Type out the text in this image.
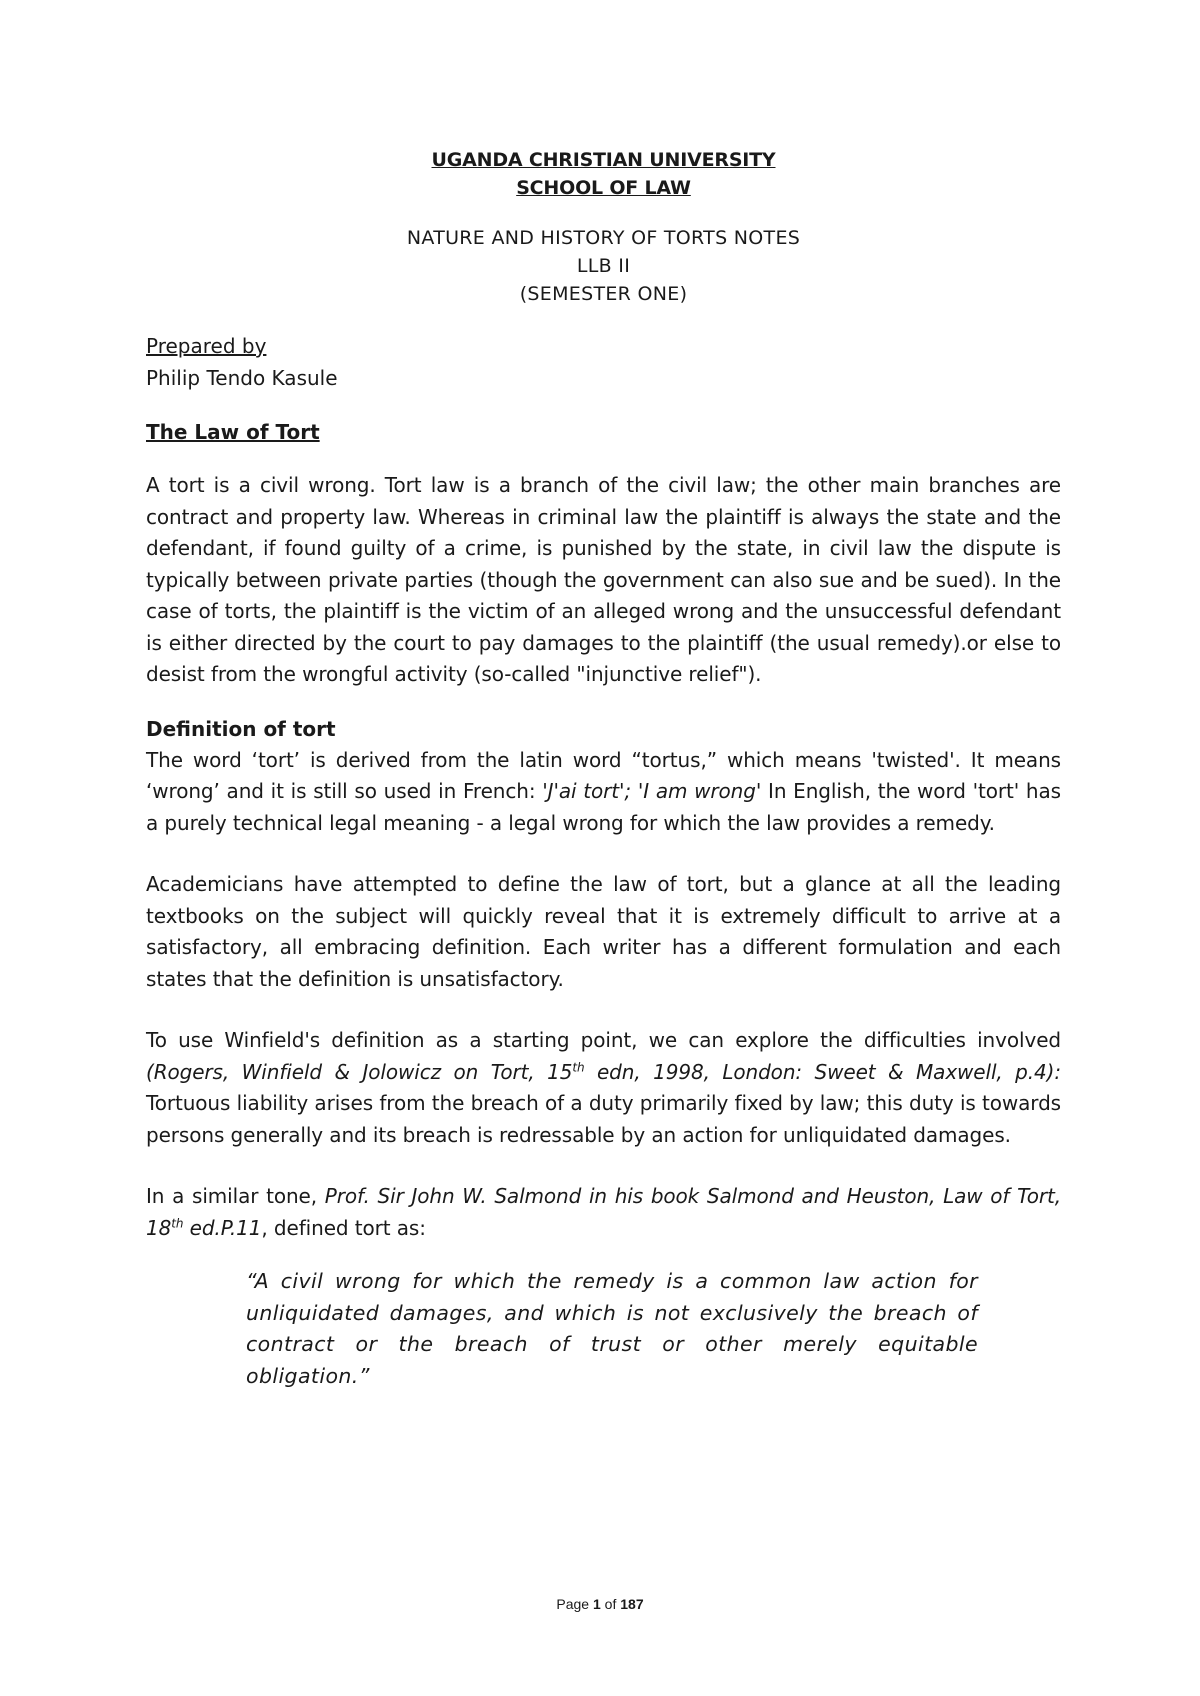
UGANDA CHRISTIAN UNIVERSITY
SCHOOL OF LAW
NATURE AND HISTORY OF TORTS NOTES
LLB II
(SEMESTER ONE)
Prepared by
Philip Tendo Kasule
The Law of Tort

A tort is a civil wrong. Tort law is a branch of the civil law; the other main branches are contract and property law. Whereas in criminal law the plaintiff is always the state and the defendant, if found guilty of a crime, is punished by the state, in civil law the dispute is typically between private parties (though the government can also sue and be sued). In the case of torts, the plaintiff is the victim of an alleged wrong and the unsuccessful defendant is either directed by the court to pay damages to the plaintiff (the usual remedy).or else to desist from the wrongful activity (so-called "injunctive relief").

Definition of tort

The word ‘tort’ is derived from the latin word “tortus,” which means 'twisted'. It means ‘wrong’ and it is still so used in French: 'J'ai tort'; 'I am wrong' In English, the word 'tort' has a purely technical legal meaning - a legal wrong for which the law provides a remedy.

Academicians have attempted to define the law of tort, but a glance at all the leading textbooks on the subject will quickly reveal that it is extremely difficult to arrive at a satisfactory, all embracing definition. Each writer has a different formulation and each states that the definition is unsatisfactory.

To use Winfield's definition as a starting point, we can explore the difficulties involved (Rogers, Winfield & Jolowicz on Tort, 15th edn, 1998, London: Sweet & Maxwell, p.4): Tortuous liability arises from the breach of a duty primarily fixed by law; this duty is towards persons generally and its breach is redressable by an action for unliquidated damages.

In a similar tone, Prof. Sir John W. Salmond in his book Salmond and Heuston, Law of Tort, 18th ed.P.11, defined tort as:

“A civil wrong for which the remedy is a common law action for unliquidated damages, and which is not exclusively the breach of contract or the breach of trust or other merely equitable obligation.”
Page 1 of 187
